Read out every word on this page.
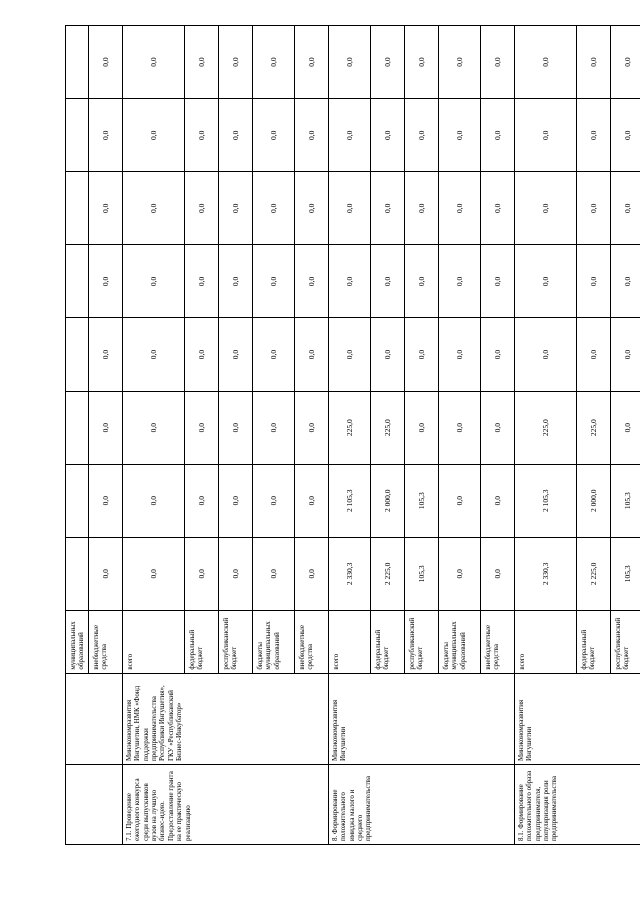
		муниципальных образований								
		внебюджетные средства	0,0	0,0	0,0	0,0	0,0	0,0	0,0	0,0
7.1. Проведение ежегодного конкурса среди выпускников вузов на лучшую бизнес-идею. Предоставление гранта на ее практическую реализацию	Минэкономразвития Ингушетии, НМК «Фонд поддержки предпринимательства Республики Ингушетия», ГКУ «Республиканский Бизнес-Инкубатор»	всего	0,0	0,0	0,0	0,0	0,0	0,0	0,0	0,0
		федеральный бюджет	0,0	0,0	0,0	0,0	0,0	0,0	0,0	0,0
		республиканский бюджет	0,0	0,0	0,0	0,0	0,0	0,0	0,0	0,0
		бюджеты муниципальных образований	0,0	0,0	0,0	0,0	0,0	0,0	0,0	0,0
		внебюджетные средства	0,0	0,0	0,0	0,0	0,0	0,0	0,0	0,0
8. Формирование положительного имиджа малого и среднего предпринимательства	Минэкономразвития Ингушетии	всего	2 330,3	2 105,3	225,0	0,0	0,0	0,0	0,0	0,0
		федеральный бюджет	2 225,0	2 000,0	225,0	0,0	0,0	0,0	0,0	0,0
		республиканский бюджет	105,3	105,3	0,0	0,0	0,0	0,0	0,0	0,0
		бюджеты муниципальных образований	0,0	0,0	0,0	0,0	0,0	0,0	0,0	0,0
		внебюджетные средства	0,0	0,0	0,0	0,0	0,0	0,0	0,0	0,0
8.1. Формирование положительного образа предпринимателя, популяризация роли предпринимательства	Минэкономразвития Ингушетии	всего	2 330,3	2 105,3	225,0	0,0	0,0	0,0	0,0	0,0
		федеральный бюджет	2 225,0	2 000,0	225,0	0,0	0,0	0,0	0,0	0,0
		республиканский бюджет	105,3	105,3	0,0	0,0	0,0	0,0	0,0	0,0
